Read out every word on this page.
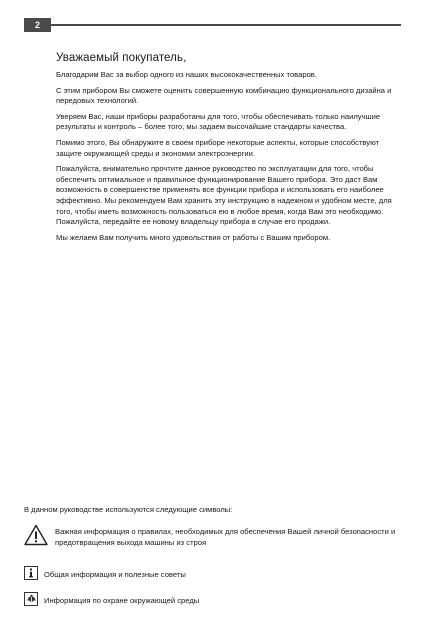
2
Уважаемый покупатель,

Благодарим Вас за выбор одного из наших высококачественных товаров.

С этим прибором Вы сможете оценить совершенную комбинацию функционального дизайна и передовых технологий.

Уверяем Вас, наши приборы разработаны для того, чтобы обеспечивать только наилучшие результаты и контроль – более того, мы задаем высочайшие стандарты качества.

Помимо этого, Вы обнаружите в своем приборе некоторые аспекты, которые способствуют защите окружающей среды и экономии электроэнергии.

Пожалуйста, внимательно прочтите данное руководство по эксплуатации для того, чтобы обеспечить оптимальное и правильное функционирование Вашего прибора. Это даст Вам возможность в совершенстве применять все функции прибора и использовать его наиболее эффективно. Мы рекомендуем Вам хранить эту инструкцию в надежном и удобном месте, для того, чтобы иметь возможность пользоваться ею в любое время, когда Вам это необходимо. Пожалуйста, передайте ее новому владельцу прибора в случае его продажи.

Мы желаем Вам получить много удовольствия от работы с Вашим прибором.

В данном руководстве используются следующие символы:

Важная информация о правилах, необходимых для обеспечения Вашей личной безопасности и предотвращения выхода машины из строя
Общая информация и полезные советы
Информация по охране окружающей среды
